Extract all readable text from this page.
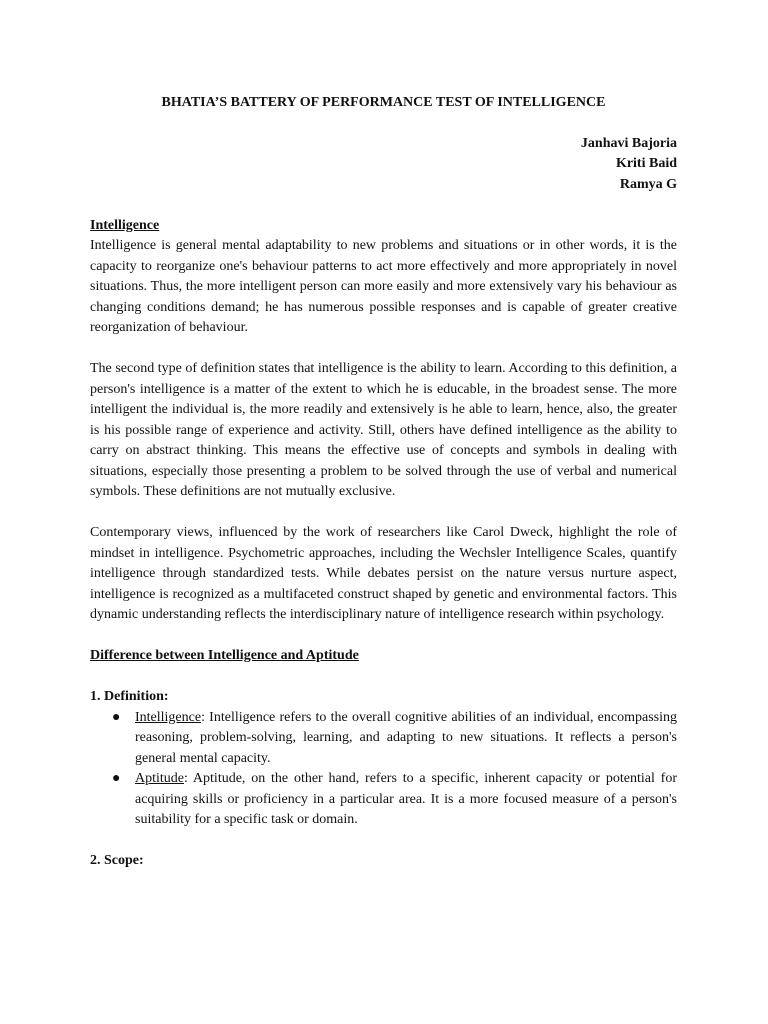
BHATIA’S BATTERY OF PERFORMANCE TEST OF INTELLIGENCE
Janhavi Bajoria
Kriti Baid
Ramya G
Intelligence

Intelligence is general mental adaptability to new problems and situations or in other words, it is the capacity to reorganize one's behaviour patterns to act more effectively and more appropriately in novel situations. Thus, the more intelligent person can more easily and more extensively vary his behaviour as changing conditions demand; he has numerous possible responses and is capable of greater creative reorganization of behaviour.

The second type of definition states that intelligence is the ability to learn. According to this definition, a person's intelligence is a matter of the extent to which he is educable, in the broadest sense. The more intelligent the individual is, the more readily and extensively is he able to learn, hence, also, the greater is his possible range of experience and activity. Still, others have defined intelligence as the ability to carry on abstract thinking. This means the effective use of concepts and symbols in dealing with situations, especially those presenting a problem to be solved through the use of verbal and numerical symbols. These definitions are not mutually exclusive.

Contemporary views, influenced by the work of researchers like Carol Dweck, highlight the role of mindset in intelligence. Psychometric approaches, including the Wechsler Intelligence Scales, quantify intelligence through standardized tests. While debates persist on the nature versus nurture aspect, intelligence is recognized as a multifaceted construct shaped by genetic and environmental factors. This dynamic understanding reflects the interdisciplinary nature of intelligence research within psychology.

Difference between Intelligence and Aptitude
1. Definition:
● Intelligence: Intelligence refers to the overall cognitive abilities of an individual, encompassing reasoning, problem-solving, learning, and adapting to new situations. It reflects a person's general mental capacity.
● Aptitude: Aptitude, on the other hand, refers to a specific, inherent capacity or potential for acquiring skills or proficiency in a particular area. It is a more focused measure of a person's suitability for a specific task or domain.
2. Scope:
